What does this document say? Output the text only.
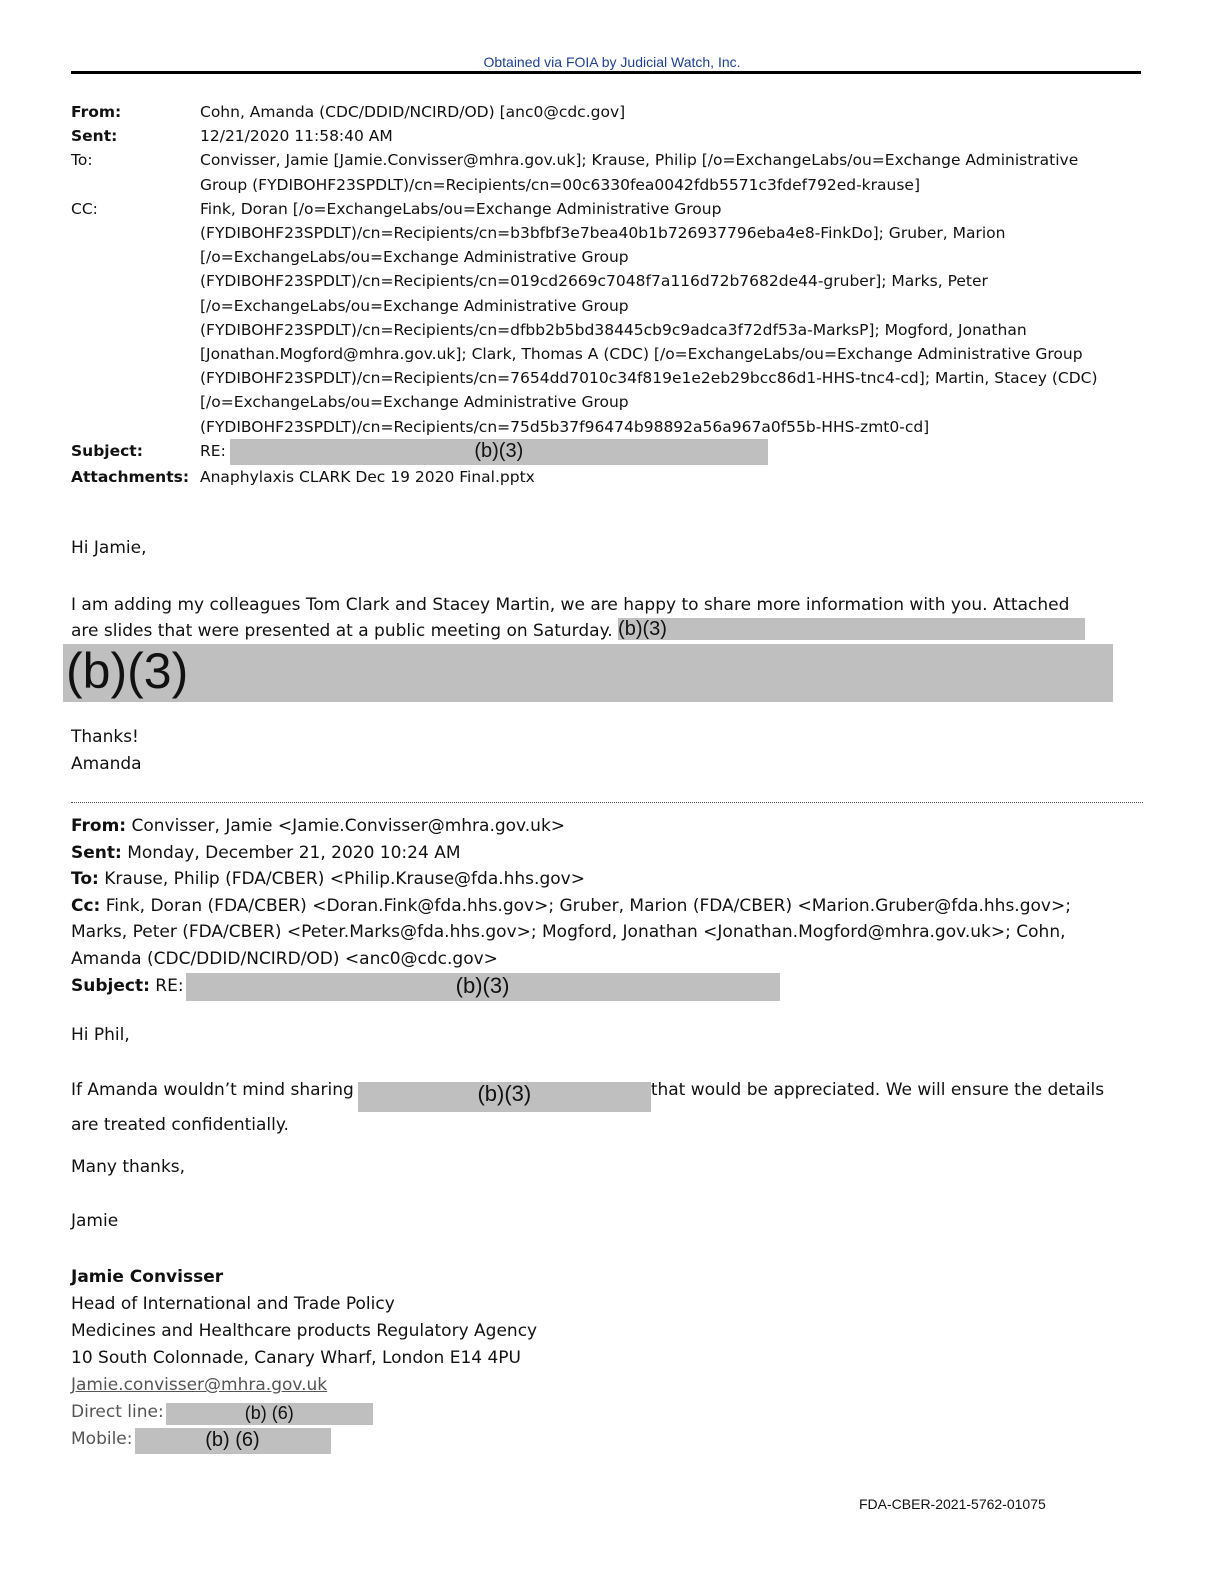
Obtained via FOIA by Judicial Watch, Inc.
From:	Cohn, Amanda (CDC/DDID/NCIRD/OD) [anc0@cdc.gov]
Sent:	12/21/2020 11:58:40 AM
To:	Convisser, Jamie [Jamie.Convisser@mhra.gov.uk]; Krause, Philip [/o=ExchangeLabs/ou=Exchange Administrative
Group (FYDIBOHF23SPDLT)/cn=Recipients/cn=00c6330fea0042fdb5571c3fdef792ed-krause]
CC:	Fink, Doran [/o=ExchangeLabs/ou=Exchange Administrative Group
(FYDIBOHF23SPDLT)/cn=Recipients/cn=b3bfbf3e7bea40b1b726937796eba4e8-FinkDo]; Gruber, Marion
[/o=ExchangeLabs/ou=Exchange Administrative Group
(FYDIBOHF23SPDLT)/cn=Recipients/cn=019cd2669c7048f7a116d72b7682de44-gruber]; Marks, Peter
[/o=ExchangeLabs/ou=Exchange Administrative Group
(FYDIBOHF23SPDLT)/cn=Recipients/cn=dfbb2b5bd38445cb9c9adca3f72df53a-MarksP]; Mogford, Jonathan
[Jonathan.Mogford@mhra.gov.uk]; Clark, Thomas A (CDC) [/o=ExchangeLabs/ou=Exchange Administrative Group
(FYDIBOHF23SPDLT)/cn=Recipients/cn=7654dd7010c34f819e1e2eb29bcc86d1-HHS-tnc4-cd]; Martin, Stacey (CDC)
[/o=ExchangeLabs/ou=Exchange Administrative Group
(FYDIBOHF23SPDLT)/cn=Recipients/cn=75d5b37f96474b98892a56a967a0f55b-HHS-zmt0-cd]
Subject:	RE:	(b)(3)
Attachments: Anaphylaxis CLARK Dec 19 2020 Final.pptx

Hi Jamie,

I am adding my colleagues Tom Clark and Stacey Martin, we are happy to share more information with you. Attached
are slides that were presented at a public meeting on Saturday. (b)(3)
(b)(3)
Thanks!
Amanda
From: Convisser, Jamie <Jamie.Convisser@mhra.gov.uk>
Sent: Monday, December 21, 2020 10:24 AM
To: Krause, Philip (FDA/CBER) <Philip.Krause@fda.hhs.gov>
Cc: Fink, Doran (FDA/CBER) <Doran.Fink@fda.hhs.gov>; Gruber, Marion (FDA/CBER) <Marion.Gruber@fda.hhs.gov>;
Marks, Peter (FDA/CBER) <Peter.Marks@fda.hhs.gov>; Mogford, Jonathan <Jonathan.Mogford@mhra.gov.uk>; Cohn,
Amanda (CDC/DDID/NCIRD/OD) <anc0@cdc.gov>
Subject: RE:	(b)(3)
Hi Phil,
If Amanda wouldn’t mind sharing	(b)(3)	that would be appreciated. We will ensure the details
are treated confidentially.
Many thanks,
Jamie
Jamie Convisser
Head of International and Trade Policy
Medicines and Healthcare products Regulatory Agency
10 South Colonnade, Canary Wharf, London E14 4PU
Jamie.convisser@mhra.gov.uk
Direct line:	(b) (6)
Mobile:	(b) (6)
FDA-CBER-2021-5762-01075
